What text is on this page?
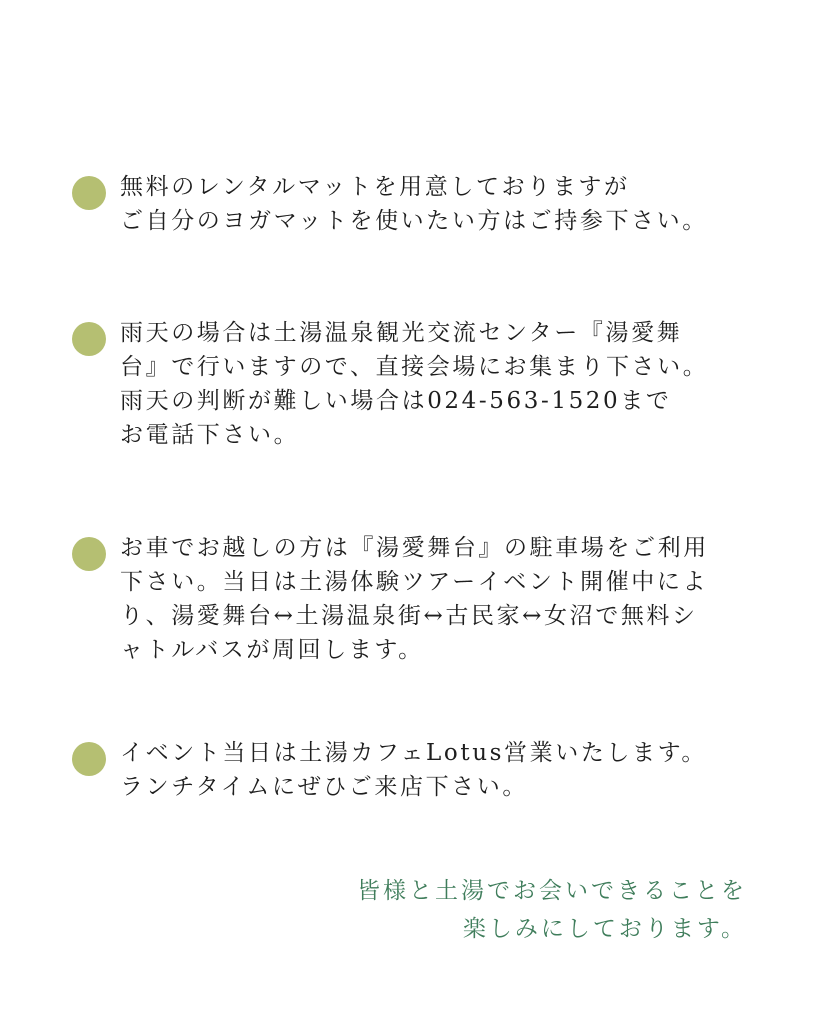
無料のレンタルマットを用意しておりますが
ご自分のヨガマットを使いたい方はご持参下さい。
雨天の場合は土湯温泉観光交流センター『湯愛舞
台』で行いますので、直接会場にお集まり下さい。
雨天の判断が難しい場合は024-563-1520まで
お電話下さい。
お車でお越しの方は『湯愛舞台』の駐車場をご利用
下さい。当日は土湯体験ツアーイベント開催中によ
り、湯愛舞台↔土湯温泉街↔古民家↔女沼で無料シ
ャトルバスが周回します。
イベント当日は土湯カフェLotus営業いたします。
ランチタイムにぜひご来店下さい。
皆様と土湯でお会いできることを
楽しみにしております。
